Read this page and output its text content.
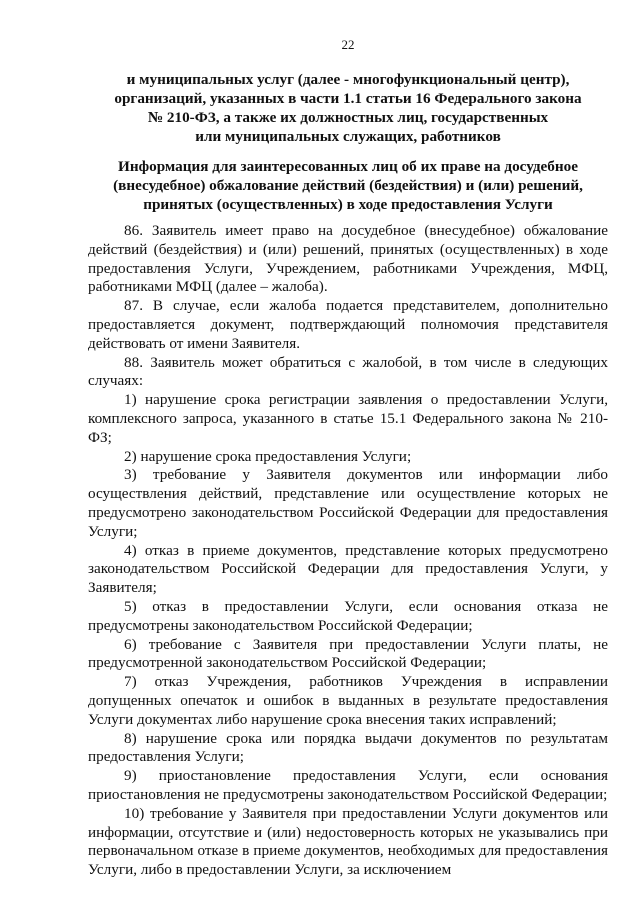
22
и муниципальных услуг (далее - многофункциональный центр),
организаций, указанных в части 1.1 статьи 16 Федерального закона
№ 210-ФЗ, а также их должностных лиц, государственных
или муниципальных служащих, работников
Информация для заинтересованных лиц об их праве на досудебное
(внесудебное) обжалование действий (бездействия) и (или) решений,
принятых (осуществленных) в ходе предоставления Услуги

86. Заявитель имеет право на досудебное (внесудебное) обжалование действий (бездействия) и (или) решений, принятых (осуществленных) в ходе предоставления Услуги, Учреждением, работниками Учреждения, МФЦ, работниками МФЦ (далее – жалоба).

87. В случае, если жалоба подается представителем, дополнительно предоставляется документ, подтверждающий полномочия представителя действовать от имени Заявителя.

88. Заявитель может обратиться с жалобой, в том числе в следующих случаях:

1) нарушение срока регистрации заявления о предоставлении Услуги, комплексного запроса, указанного в статье 15.1 Федерального закона № 210-ФЗ;

2) нарушение срока предоставления Услуги;

3) требование у Заявителя документов или информации либо осуществления действий, представление или осуществление которых не предусмотрено законодательством Российской Федерации для предоставления Услуги;

4) отказ в приеме документов, представление которых предусмотрено законодательством Российской Федерации для предоставления Услуги, у Заявителя;

5) отказ в предоставлении Услуги, если основания отказа не предусмотрены законодательством Российской Федерации;

6) требование с Заявителя при предоставлении Услуги платы, не предусмотренной законодательством Российской Федерации;

7) отказ Учреждения, работников Учреждения в исправлении допущенных опечаток и ошибок в выданных в результате предоставления Услуги документах либо нарушение срока внесения таких исправлений;

8) нарушение срока или порядка выдачи документов по результатам предоставления Услуги;

9) приостановление предоставления Услуги, если основания приостановления не предусмотрены законодательством Российской Федерации;

10) требование у Заявителя при предоставлении Услуги документов или информации, отсутствие и (или) недостоверность которых не указывались при первоначальном отказе в приеме документов, необходимых для предоставления Услуги, либо в предоставлении Услуги, за исключением
